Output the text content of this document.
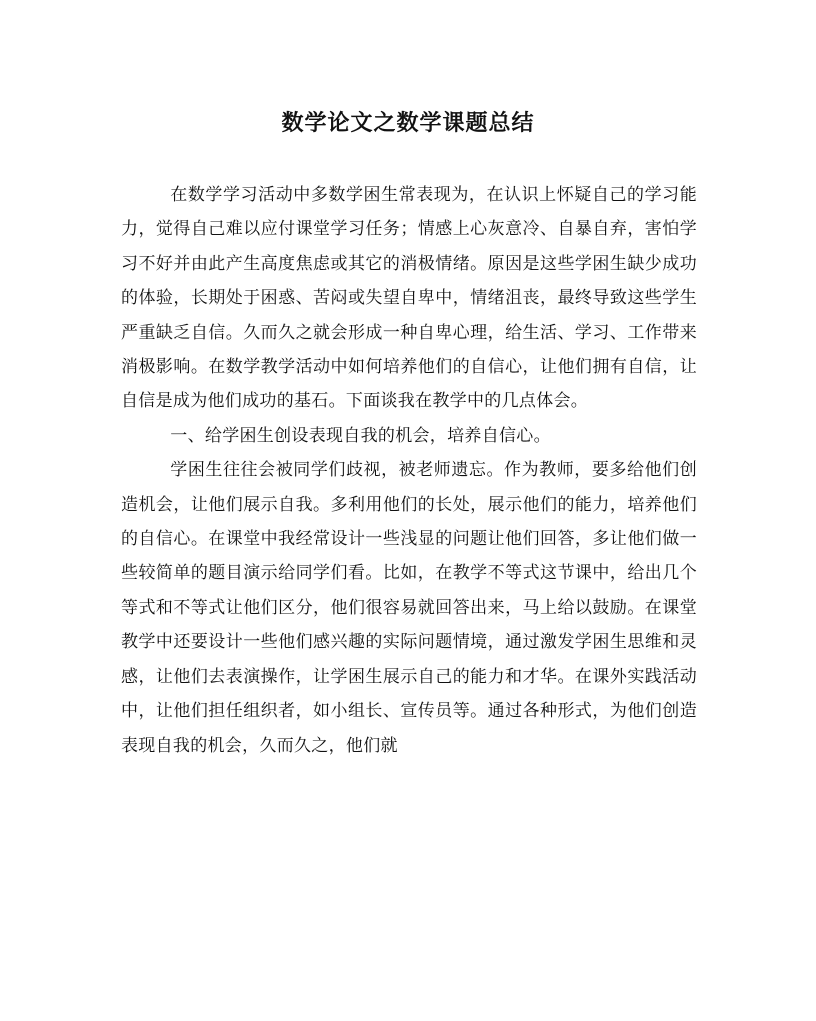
数学论文之数学课题总结

在数学学习活动中多数学困生常表现为，在认识上怀疑自己的学习能力，觉得自己难以应付课堂学习任务；情感上心灰意冷、自暴自弃，害怕学习不好并由此产生高度焦虑或其它的消极情绪。原因是这些学困生缺少成功的体验，长期处于困惑、苦闷或失望自卑中，情绪沮丧，最终导致这些学生严重缺乏自信。久而久之就会形成一种自卑心理，给生活、学习、工作带来消极影响。在数学教学活动中如何培养他们的自信心，让他们拥有自信，让自信是成为他们成功的基石。下面谈我在教学中的几点体会。

一、给学困生创设表现自我的机会，培养自信心。

学困生往往会被同学们歧视，被老师遗忘。作为教师，要多给他们创造机会，让他们展示自我。多利用他们的长处，展示他们的能力，培养他们的自信心。在课堂中我经常设计一些浅显的问题让他们回答，多让他们做一些较简单的题目演示给同学们看。比如，在教学不等式这节课中，给出几个等式和不等式让他们区分，他们很容易就回答出来，马上给以鼓励。在课堂教学中还要设计一些他们感兴趣的实际问题情境，通过激发学困生思维和灵感，让他们去表演操作，让学困生展示自己的能力和才华。在课外实践活动中，让他们担任组织者，如小组长、宣传员等。通过各种形式，为他们创造表现自我的机会，久而久之，他们就
